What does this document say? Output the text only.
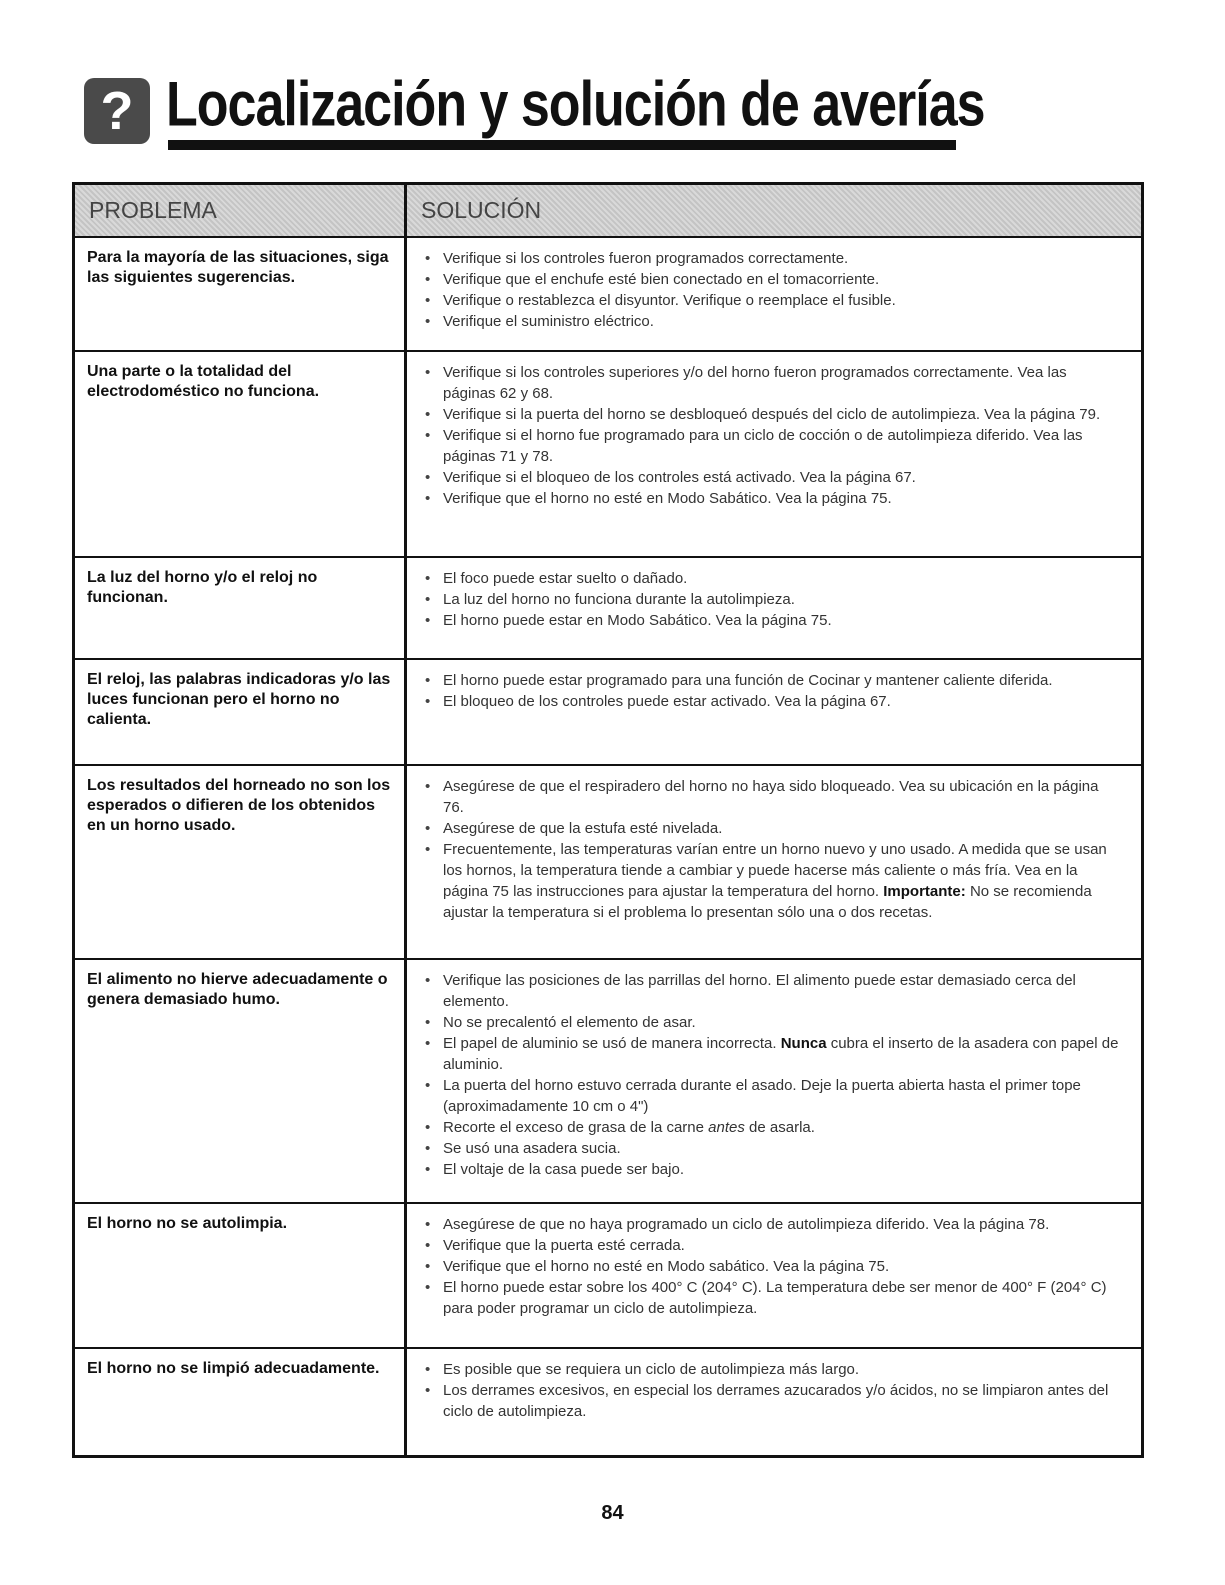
? Localización y solución de averías
PROBLEMA	SOLUCIÓN
Para la mayoría de las situaciones, siga las siguientes sugerencias.
• Verifique si los controles fueron programados correctamente.
• Verifique que el enchufe esté bien conectado en el tomacorriente.
• Verifique o restablezca el disyuntor. Verifique o reemplace el fusible.
• Verifique el suministro eléctrico.
Una parte o la totalidad del electrodoméstico no funciona.
• Verifique si los controles superiores y/o del horno fueron programados correctamente. Vea las páginas 62 y 68.
• Verifique si la puerta del horno se desbloqueó después del ciclo de autolimpieza. Vea la página 79.
• Verifique si el horno fue programado para un ciclo de cocción o de autolimpieza diferido. Vea las páginas 71 y 78.
• Verifique si el bloqueo de los controles está activado. Vea la página 67.
• Verifique que el horno no esté en Modo Sabático. Vea la página 75.
La luz del horno y/o el reloj no funcionan.
• El foco puede estar suelto o dañado.
• La luz del horno no funciona durante la autolimpieza.
• El horno puede estar en Modo Sabático. Vea la página 75.
El reloj, las palabras indicadoras y/o las luces funcionan pero el horno no calienta.
• El horno puede estar programado para una función de Cocinar y mantener caliente diferida.
• El bloqueo de los controles puede estar activado. Vea la página 67.
Los resultados del horneado no son los esperados o difieren de los obtenidos en un horno usado.
• Asegúrese de que el respiradero del horno no haya sido bloqueado. Vea su ubicación en la página 76.
• Asegúrese de que la estufa esté nivelada.
• Frecuentemente, las temperaturas varían entre un horno nuevo y uno usado. A medida que se usan los hornos, la temperatura tiende a cambiar y puede hacerse más caliente o más fría. Vea en la página 75 las instrucciones para ajustar la temperatura del horno. Importante: No se recomienda ajustar la temperatura si el problema lo presentan sólo una o dos recetas.
El alimento no hierve adecuadamente o genera demasiado humo.
• Verifique las posiciones de las parrillas del horno. El alimento puede estar demasiado cerca del elemento.
• No se precalentó el elemento de asar.
• El papel de aluminio se usó de manera incorrecta. Nunca cubra el inserto de la asadera con papel de aluminio.
• La puerta del horno estuvo cerrada durante el asado. Deje la puerta abierta hasta el primer tope (aproximadamente 10 cm o 4")
• Recorte el exceso de grasa de la carne antes de asarla.
• Se usó una asadera sucia.
• El voltaje de la casa puede ser bajo.
El horno no se autolimpia.	• Asegúrese de que no haya programado un ciclo de autolimpieza diferido. Vea la página 78.
• Verifique que la puerta esté cerrada.
• Verifique que el horno no esté en Modo sabático. Vea la página 75.
• El horno puede estar sobre los 400° C (204° C). La temperatura debe ser menor de 400° F (204° C) para poder programar un ciclo de autolimpieza.
El horno no se limpió adecuadamente.	• Es posible que se requiera un ciclo de autolimpieza más largo.
• Los derrames excesivos, en especial los derrames azucarados y/o ácidos, no se limpiaron antes del ciclo de autolimpieza.
84
